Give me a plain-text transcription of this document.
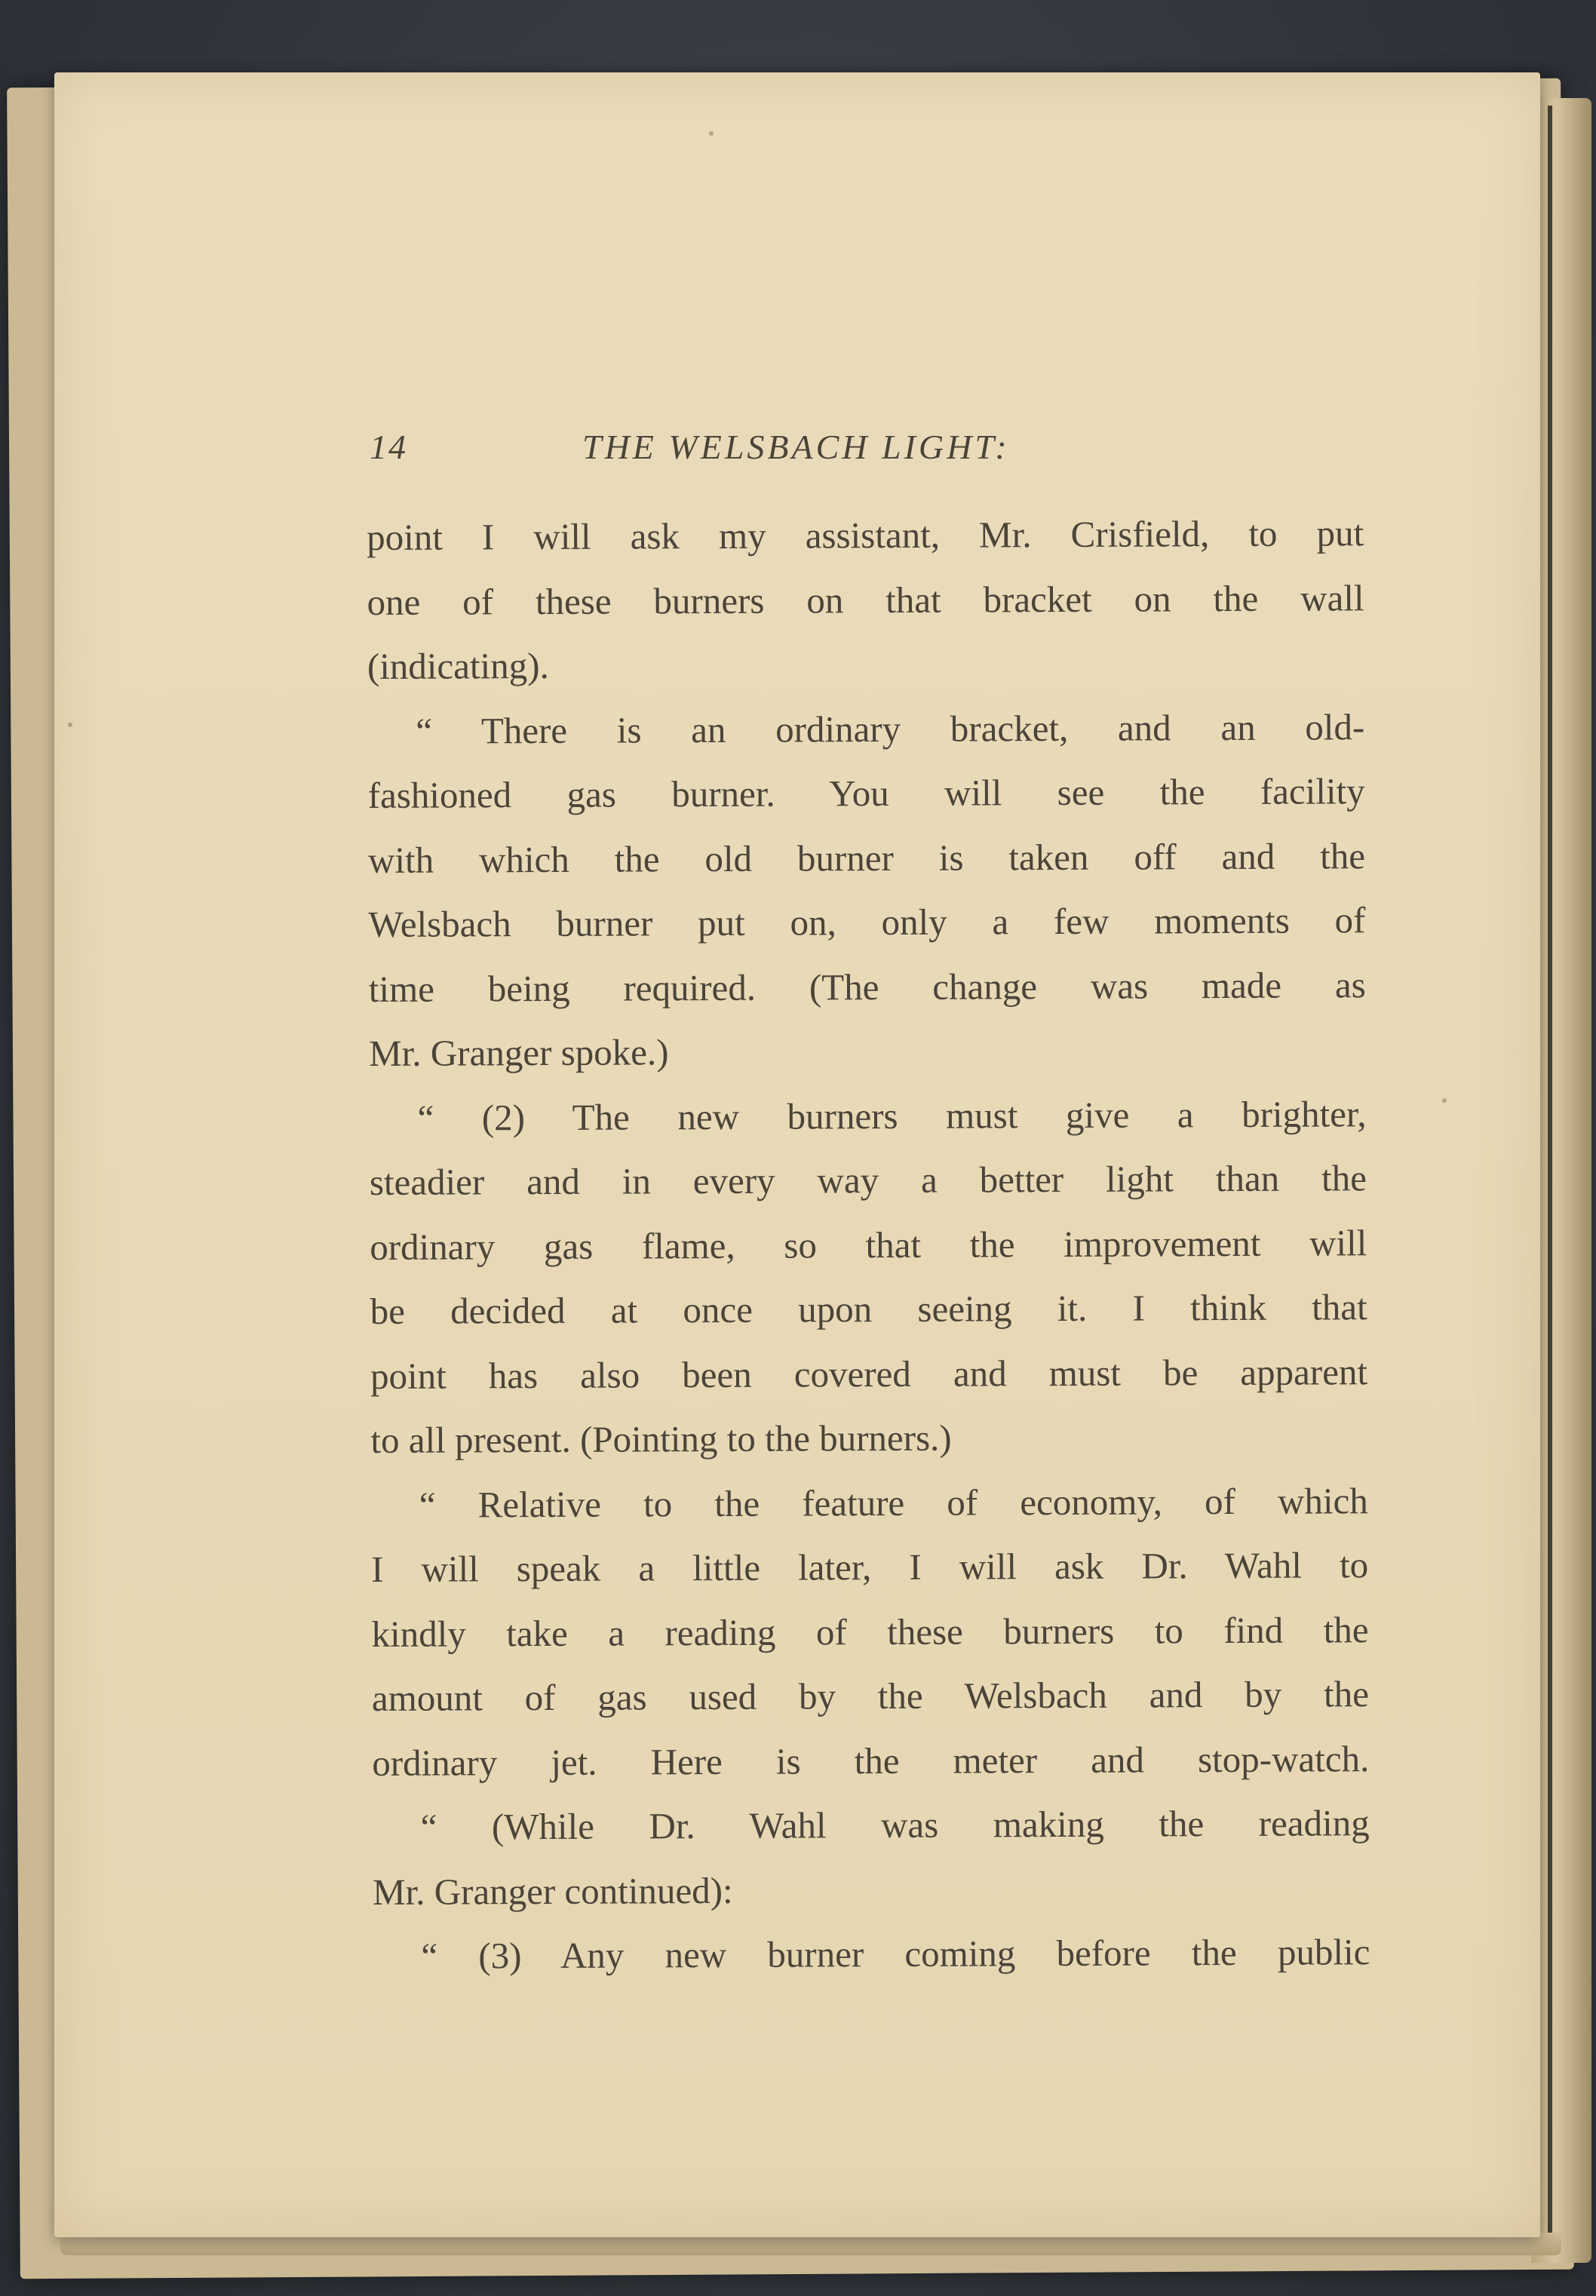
14	THE WELSBACH LIGHT:
point I will ask my assistant, Mr. Crisfield, to put
one of these burners on that bracket on the wall
(indicating).
“ There is an ordinary bracket, and an old-
fashioned gas burner. You will see the facility
with which the old burner is taken off and the
Welsbach burner put on, only a few moments of
time being required. (The change was made as
Mr. Granger spoke.)
“ (2) The new burners must give a brighter,
steadier and in every way a better light than the
ordinary gas flame, so that the improvement will
be decided at once upon seeing it. I think that
point has also been covered and must be apparent
to all present. (Pointing to the burners.)
“ Relative to the feature of economy, of which
I will speak a little later, I will ask Dr. Wahl to
kindly take a reading of these burners to find the
amount of gas used by the Welsbach and by the
ordinary jet. Here is the meter and stop-watch.
“ (While Dr. Wahl was making the reading
Mr. Granger continued):
“ (3) Any new burner coming before the public
